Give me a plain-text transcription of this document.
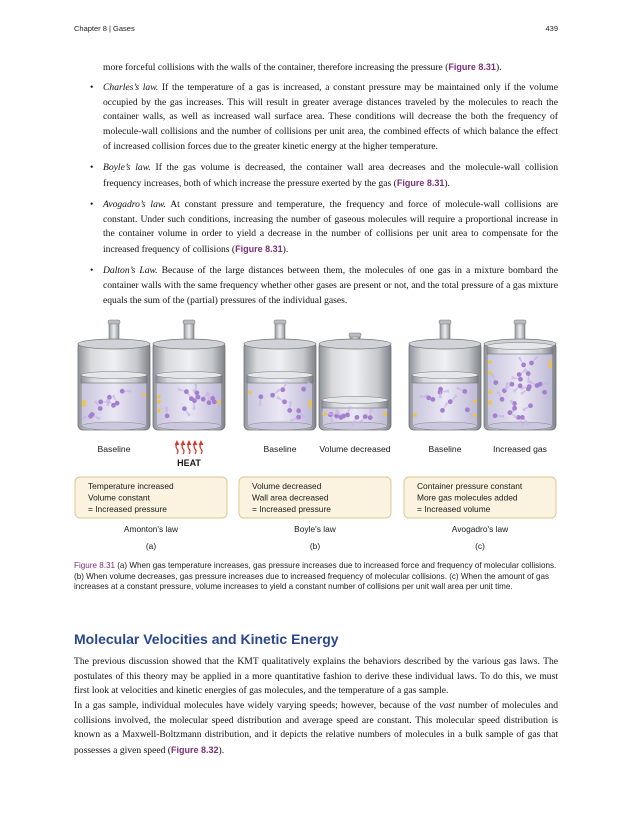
Chapter 8 | Gases	439

more forceful collisions with the walls of the container, therefore increasing the pressure (Figure 8.31).

• Charles’s law. If the temperature of a gas is increased, a constant pressure may be maintained only if the volume occupied by the gas increases. This will result in greater average distances traveled by the molecules to reach the container walls, as well as increased wall surface area. These conditions will decrease the both the frequency of molecule-wall collisions and the number of collisions per unit area, the combined effects of which balance the effect of increased collision forces due to the greater kinetic energy at the higher temperature.
• Boyle’s law. If the gas volume is decreased, the container wall area decreases and the molecule-wall collision frequency increases, both of which increase the pressure exerted by the gas (Figure 8.31).
• Avogadro’s law. At constant pressure and temperature, the frequency and force of molecule-wall collisions are constant. Under such conditions, increasing the number of gaseous molecules will require a proportional increase in the container volume in order to yield a decrease in the number of collisions per unit area to compensate for the increased frequency of collisions (Figure 8.31).
• Dalton’s Law. Because of the large distances between them, the molecules of one gas in a mixture bombard the container walls with the same frequency whether other gases are present or not, and the total pressure of a gas mixture equals the sum of the (partial) pressures of the individual gases.
Baseline
HEAT
Temperature increased
Volume constant
= Increased pressure
Amonton's law
(a)
Baseline	Volume decreased
Volume decreased
Wall area decreased
= Increased pressure
Boyle's law
(b)
Baseline	Increased gas
Container pressure constant
More gas molecules added
= Increased volume
Avogadro's law
(c)

Figure 8.31 (a) When gas temperature increases, gas pressure increases due to increased force and frequency of molecular collisions. (b) When volume decreases, gas pressure increases due to increased frequency of molecular collisions. (c) When the amount of gas increases at a constant pressure, volume increases to yield a constant number of collisions per unit wall area per unit time.

Molecular Velocities and Kinetic Energy

The previous discussion showed that the KMT qualitatively explains the behaviors described by the various gas laws. The postulates of this theory may be applied in a more quantitative fashion to derive these individual laws. To do this, we must first look at velocities and kinetic energies of gas molecules, and the temperature of a gas sample.

In a gas sample, individual molecules have widely varying speeds; however, because of the vast number of molecules and collisions involved, the molecular speed distribution and average speed are constant. This molecular speed distribution is known as a Maxwell-Boltzmann distribution, and it depicts the relative numbers of molecules in a bulk sample of gas that possesses a given speed (Figure 8.32).
